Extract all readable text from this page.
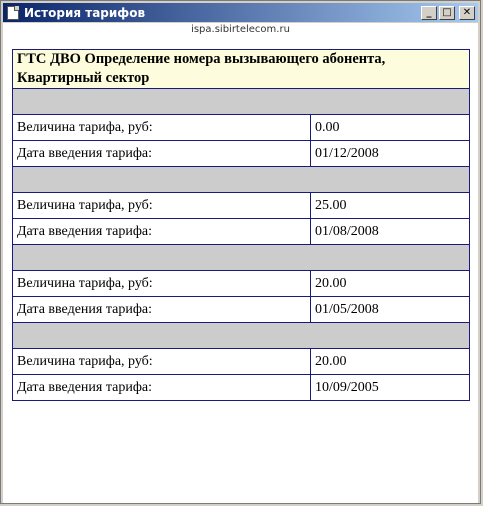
История тарифов	_	□	✕
ispa.sibirtelecom.ru
ГТС ДВО Определение номера вызывающего абонента, Квартирный сектор	

Величина тарифа, руб:	0.00
Дата введения тарифа:	01/12/2008

Величина тарифа, руб:	25.00
Дата введения тарифа:	01/08/2008

Величина тарифа, руб:	20.00
Дата введения тарифа:	01/05/2008

Величина тарифа, руб:	20.00
Дата введения тарифа:	10/09/2005
